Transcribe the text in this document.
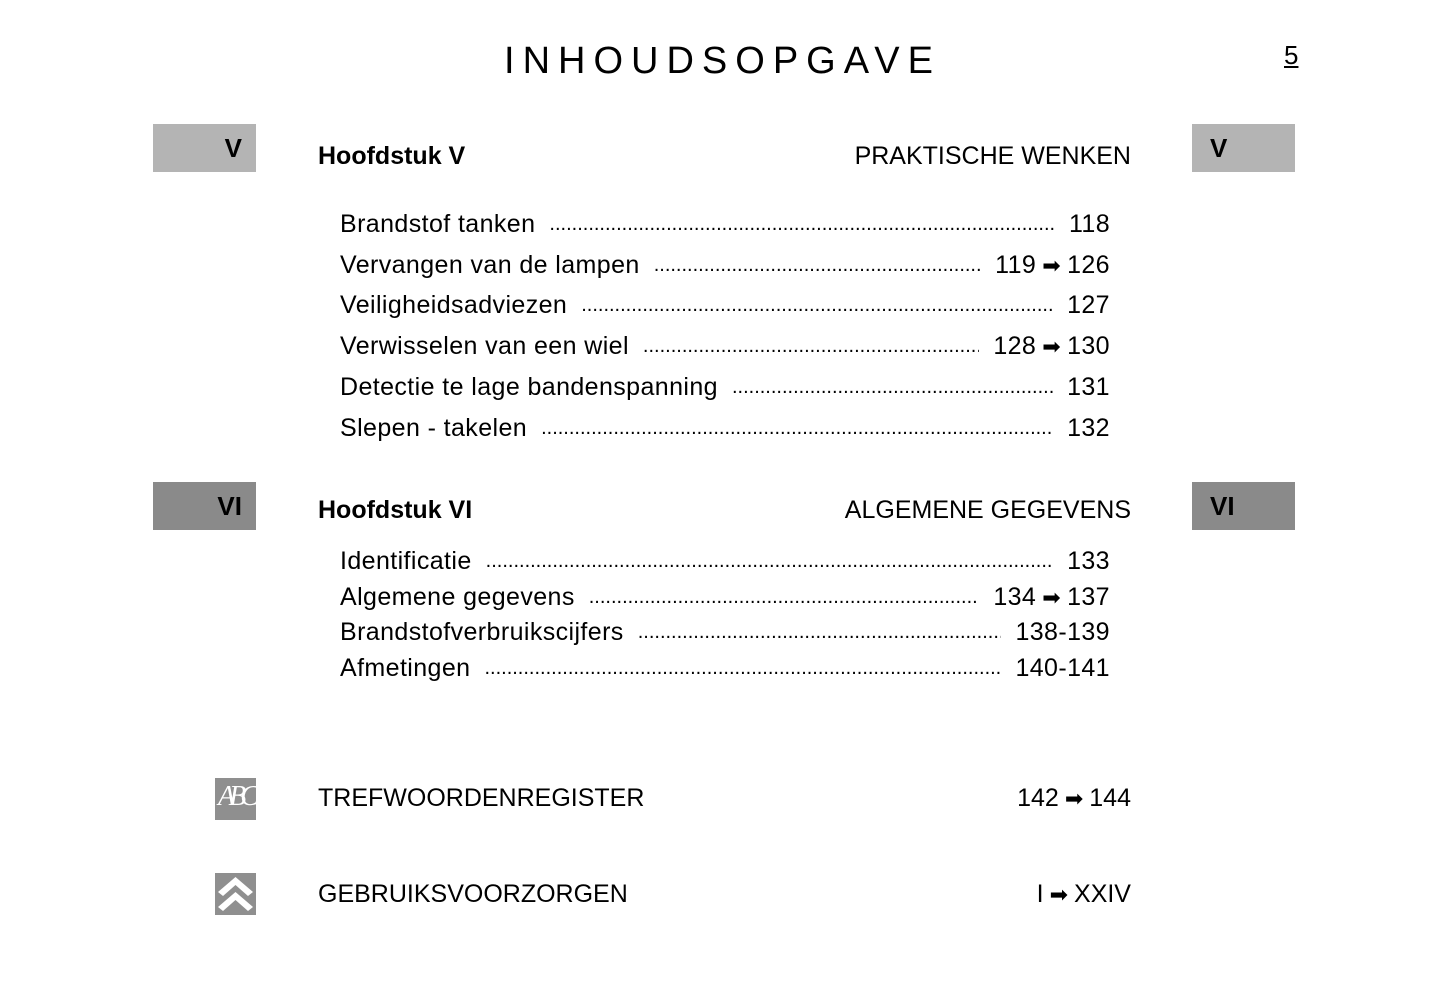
INHOUDSOPGAVE	5
V	V
Hoofdstuk V	PRAKTISCHE WENKEN
Brandstof tanken .....	118
Vervangen van de lampen .....	119 ➡ 126
Veiligheidsadviezen .....	127
Verwisselen van een wiel .....	128 ➡ 130
Detectie te lage bandenspanning .....	131
Slepen - takelen .....	132
VI	VI
Hoofdstuk VI	ALGEMENE GEGEVENS
Identificatie .....	133
Algemene gegevens .....	134 ➡ 137
Brandstofverbruikscijfers .....	138-139
Afmetingen .....	140-141
ABC	TREFWOORDENREGISTER	142 ➡ 144
GEBRUIKSVOORZORGEN	I ➡ XXIV
